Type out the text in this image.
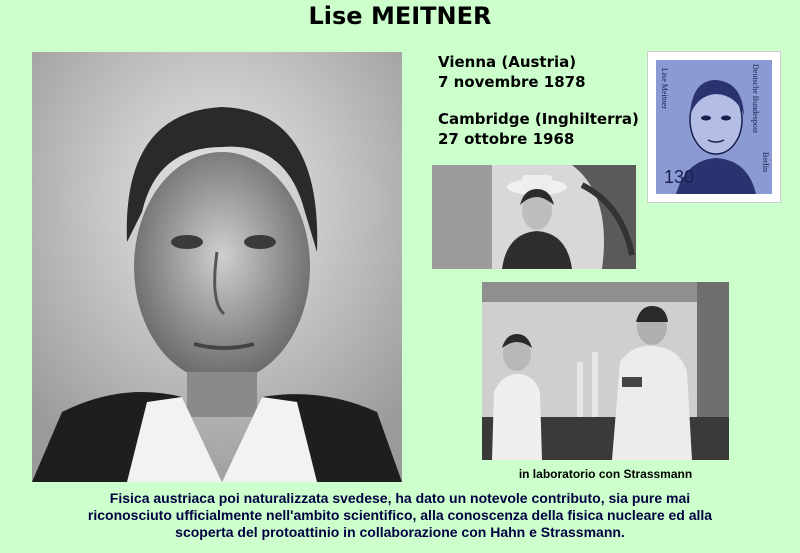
Lise MEITNER
Vienna (Austria)
7 novembre 1878
Cambridge (Inghilterra)
27 ottobre 1968
Lise Meitner	Deutsche Bundespost
Berlin
130
in laboratorio con Strassmann
Fisica austriaca poi naturalizzata svedese, ha dato un notevole contributo, sia pure mai
riconosciuto ufficialmente nell'ambito scientifico, alla conoscenza della fisica nucleare ed alla
scoperta del protoattinio in collaborazione con Hahn e Strassmann.
